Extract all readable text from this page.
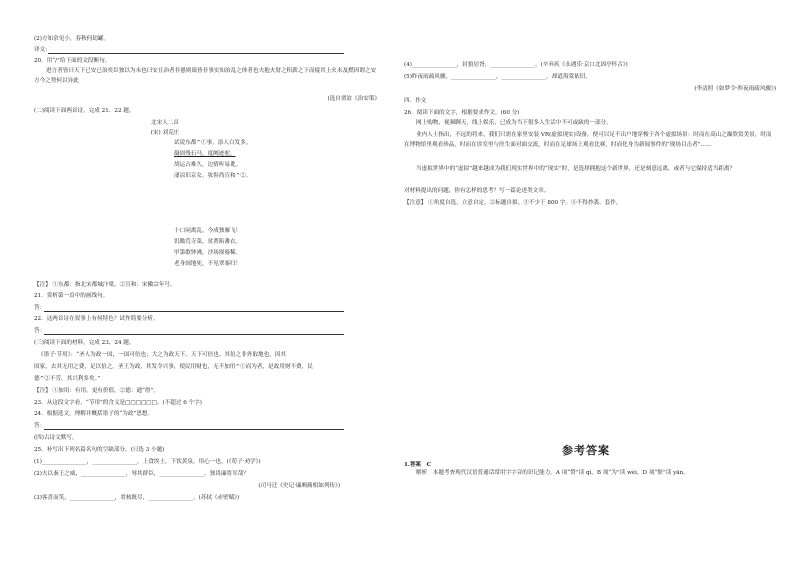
(2)方知余见小，春秋何劫罐。
译文：
20．用“/”给下面的文段断句。
进言者皆曰天下已安已治矣臣独以为未也曰安且治者非愚则谀皆非事实知治乱之体者也夫抱火厝之积薪之下而寝其上火未及燃因谓之安方今之势何以异此
(选自贾谊《治安策》
(二)阅读下面两首诗，完成 21、22 题。
北宋人二首
(宋) 刘克庄
试说东都^①事，添人白发多。
凝固残石马，度阙迹驼。
胡运占难久，边情听易讹。
凄凉旧京女，妆髻尚宣和^②。
十口同离乱，今成独雁飞！
饥锄荒寺菜，贫著陷蕃衣。
甲第歌钟沸，沙场探骑稀。
老身闽地死，不见翠銮归！
【注】 ①东都：指北宋都城汴梁。②宣和：宋徽宗年号。
21．赏析第一首中的画线句。
答：
22．这两首诗在叙事上有何特色？试作简要分析。
答：
(三)阅读下面的材料，完成 23、24 题。
《墨子·节用》：“圣人为政一国，一国可倍也；大之为政天下，天下可倍也。其倍之非外取地也，因其
国家，去其无用之费，足以倍之。圣王为政，其发令兴事，使民用财也，无不加用^①而为者，是故用财不费，民
德^②不劳，其兴利多矣。”
【注】 ①加用：有用，更有价值。②德：通“得”。
23．从这段文字看，“节用”的含义是□□□□□□。(不超过 6 个字)
24．根据选文，理解并概括墨子的“为政”思想。
答：
(四)古诗文默写。
25．补写出下列名篇名句的空缺部分。(只选 3 小题)
(1)________________，________________，上食埃土，下饮黄泉，用心一也。(《荀子·劝学》)
(2)夫以秦王之威，________________，辱其群臣，________________，独畏廉将军哉？
(司马迁《史记·廉颇蔺相如列传》)
(3)客喜而笑，________________，肴核既尽，________________。(苏轼《赤壁赋》)
(4)________________，封狼居胥，________________。(辛弃疾《永遇乐·京口北固亭怀古》)
(5)昨夜雨疏风骤，________________，________________，却道海棠依旧。
(李清照《如梦令·昨夜雨疏风骤》)
四．作文
26．阅读下面的文字，根据要求作文。(60 分)
网上购物，视频聊天，线上娱乐，已成为当下很多人生活中不可或缺的一部分。
业内人士指出，不远的将来，我们只需在家里安装 VR(虚拟现实)设备，便可以足不出户地穿梭于各个虚拟场景：时而在高山之巅欣赏美景，时而在博物馆里观看珍品，时而在诊室里与医生面对面交流，时而在足球场上观看比赛，时而化身为新闻事件的“现场目击者”……
当虚拟世界中的“虚拟”越来越成为我们现实世界中的“现实”时，是选择拥抱这个新世界，还是刻意远离，或者与它保持适当距离？
对材料提出的问题，你有怎样的思考？写一篇论述类文章。
【注意】 ①角度自选，立意自定。②标题自拟。③不少于 800 字。④不得抄袭、套作。
参考答案
1.答案　C
解析　本题考查现代汉语普通话常用字字音的识记能力。A 项“赞”读 qì，B 项“为”读 wèi，D 项“恹”读 yān。
